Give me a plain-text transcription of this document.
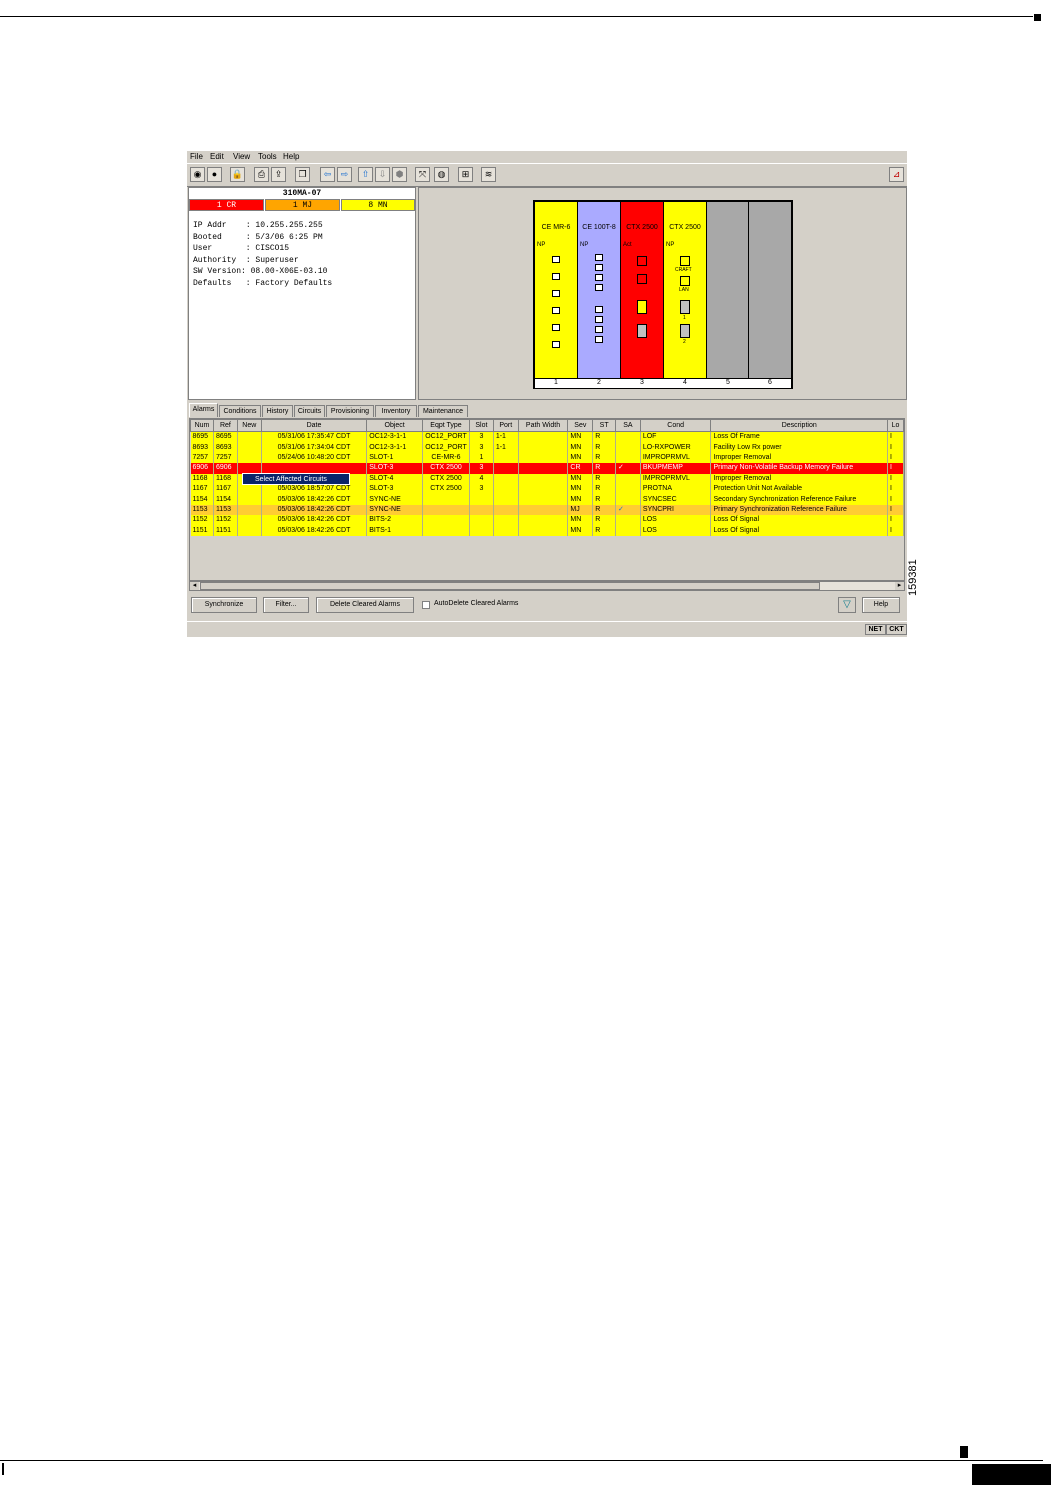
File Edit View Tools Help
◉	●	🔒	⎙	⇪	❐	⇦	⇨	⇧	⇩	⬢	⤧	◍	⊞	≋	⊿
310MA-07
1 CR	1 MJ	8 MN
IP Addr    : 10.255.255.255
Booted     : 5/3/06 6:25 PM
User       : CISCO15
Authority  : Superuser
SW Version: 08.00-X06E-03.10
Defaults   : Factory Defaults
CE MR-6
NP
CE 100T-8
NP
CTX 2500
Act
CTX 2500
NP
CRAFT
LAN
1
2
1	2	3	4	5	6
Alarms	Conditions	History	Circuits	Provisioning	Inventory	Maintenance
Num	Ref	New	Date	Object	Eqpt Type	Slot	Port	Path Width	Sev	ST	SA	Cond	Description	Lo
8695	8695		05/31/06 17:35:47 CDT	OC12-3-1-1	OC12_PORT	3	1-1		MN	R		LOF	Loss Of Frame	I
8693	8693		05/31/06 17:34:04 CDT	OC12-3-1-1	OC12_PORT	3	1-1		MN	R		LO-RXPOWER	Facility Low Rx power	I
7257	7257		05/24/06 10:48:20 CDT	SLOT-1	CE-MR-6	1			MN	R		IMPROPRMVL	Improper Removal	I
6906	6906			SLOT-3	CTX 2500	3			CR	R	✓	BKUPMEMP	Primary Non-Volatile Backup Memory Failure	I
1168	1168			SLOT-4	CTX 2500	4			MN	R		IMPROPRMVL	Improper Removal	I
1167	1167		05/03/06 18:57:07 CDT	SLOT-3	CTX 2500	3			MN	R		PROTNA	Protection Unit Not Available	I
1154	1154		05/03/06 18:42:26 CDT	SYNC-NE					MN	R		SYNCSEC	Secondary Synchronization Reference Failure	I
1153	1153		05/03/06 18:42:26 CDT	SYNC-NE					MJ	R	✓	SYNCPRI	Primary Synchronization Reference Failure	I
1152	1152		05/03/06 18:42:26 CDT	BITS-2					MN	R		LOS	Loss Of Signal	I
1151	1151		05/03/06 18:42:26 CDT	BITS-1					MN	R		LOS	Loss Of Signal	I
Select Affected Circuits
◂	▸
Synchronize	Filter...	Delete Cleared Alarms	AutoDelete Cleared Alarms	▽	Help
NET CKT
159381
